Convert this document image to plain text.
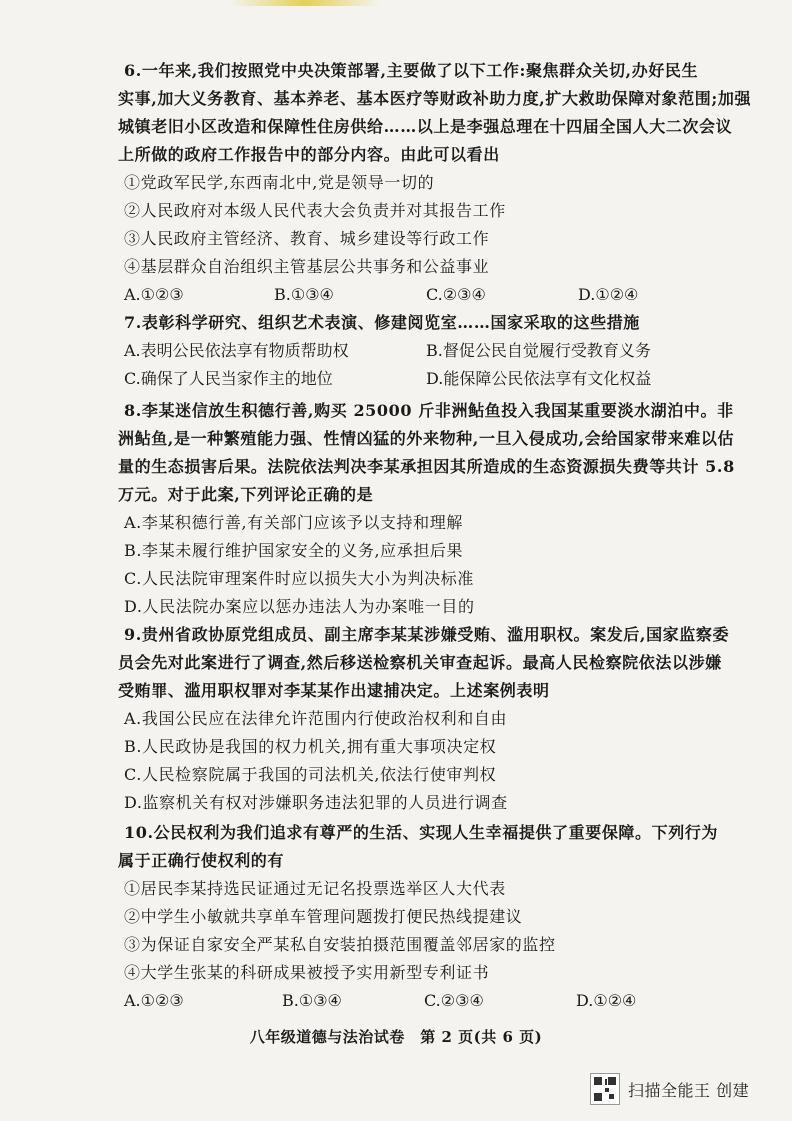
6.一年来,我们按照党中央决策部署,主要做了以下工作:聚焦群众关切,办好民生
实事,加大义务教育、基本养老、基本医疗等财政补助力度,扩大救助保障对象范围;加强
城镇老旧小区改造和保障性住房供给……以上是李强总理在十四届全国人大二次会议
上所做的政府工作报告中的部分内容。由此可以看出
①党政军民学,东西南北中,党是领导一切的
②人民政府对本级人民代表大会负责并对其报告工作
③人民政府主管经济、教育、城乡建设等行政工作
④基层群众自治组织主管基层公共事务和公益事业
A.①②③	B.①③④	C.②③④	D.①②④
7.表彰科学研究、组织艺术表演、修建阅览室……国家采取的这些措施
A.表明公民依法享有物质帮助权	B.督促公民自觉履行受教育义务
C.确保了人民当家作主的地位	D.能保障公民依法享有文化权益
8.李某迷信放生积德行善,购买 25000 斤非洲鲇鱼投入我国某重要淡水湖泊中。非
洲鲇鱼,是一种繁殖能力强、性情凶猛的外来物种,一旦入侵成功,会给国家带来难以估
量的生态损害后果。法院依法判决李某承担因其所造成的生态资源损失费等共计 5.8
万元。对于此案,下列评论正确的是
A.李某积德行善,有关部门应该予以支持和理解
B.李某未履行维护国家安全的义务,应承担后果
C.人民法院审理案件时应以损失大小为判决标准
D.人民法院办案应以惩办违法人为办案唯一目的
9.贵州省政协原党组成员、副主席李某某涉嫌受贿、滥用职权。案发后,国家监察委
员会先对此案进行了调查,然后移送检察机关审查起诉。最高人民检察院依法以涉嫌
受贿罪、滥用职权罪对李某某作出逮捕决定。上述案例表明
A.我国公民应在法律允许范围内行使政治权利和自由
B.人民政协是我国的权力机关,拥有重大事项决定权
C.人民检察院属于我国的司法机关,依法行使审判权
D.监察机关有权对涉嫌职务违法犯罪的人员进行调查
10.公民权利为我们追求有尊严的生活、实现人生幸福提供了重要保障。下列行为
属于正确行使权利的有
①居民李某持选民证通过无记名投票选举区人大代表
②中学生小敏就共享单车管理问题拨打便民热线提建议
③为保证自家安全严某私自安装拍摄范围覆盖邻居家的监控
④大学生张某的科研成果被授予实用新型专利证书
A.①②③	B.①③④	C.②③④	D.①②④
八年级道德与法治试卷　第 2 页(共 6 页)
扫描全能王 创建
